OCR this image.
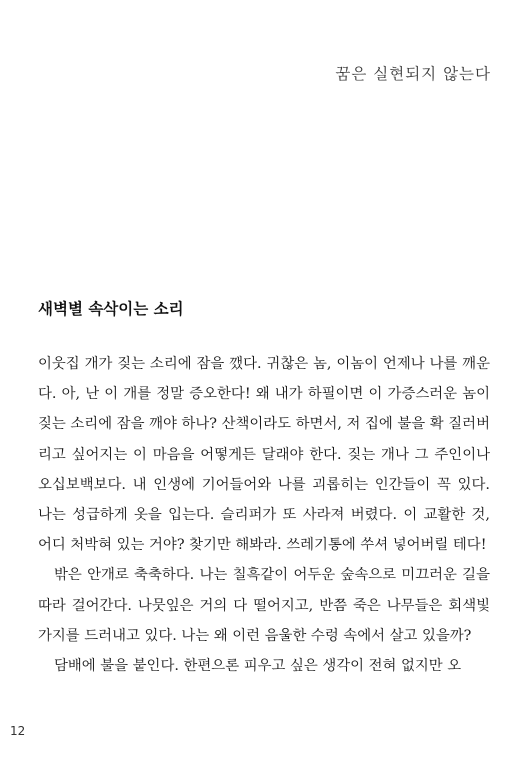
꿈은 실현되지 않는다
새벽별 속삭이는 소리

이웃집 개가 짖는 소리에 잠을 깼다. 귀찮은 놈, 이놈이 언제나 나를 깨운다. 아, 난 이 개를 정말 증오한다! 왜 내가 하필이면 이 가증스러운 놈이 짖는 소리에 잠을 깨야 하나? 산책이라도 하면서, 저 집에 불을 확 질러버리고 싶어지는 이 마음을 어떻게든 달래야 한다. 짖는 개나 그 주인이나 오십보백보다. 내 인생에 기어들어와 나를 괴롭히는 인간들이 꼭 있다. 나는 성급하게 옷을 입는다. 슬리퍼가 또 사라져 버렸다. 이 교활한 것, 어디 처박혀 있는 거야? 찾기만 해봐라. 쓰레기통에 쑤셔 넣어버릴 테다!

밖은 안개로 축축하다. 나는 칠흑같이 어두운 숲속으로 미끄러운 길을 따라 걸어간다. 나뭇잎은 거의 다 떨어지고, 반쯤 죽은 나무들은 회색빛 가지를 드러내고 있다. 나는 왜 이런 음울한 수렁 속에서 살고 있을까?

담배에 불을 붙인다. 한편으론 피우고 싶은 생각이 전혀 없지만 오

12
